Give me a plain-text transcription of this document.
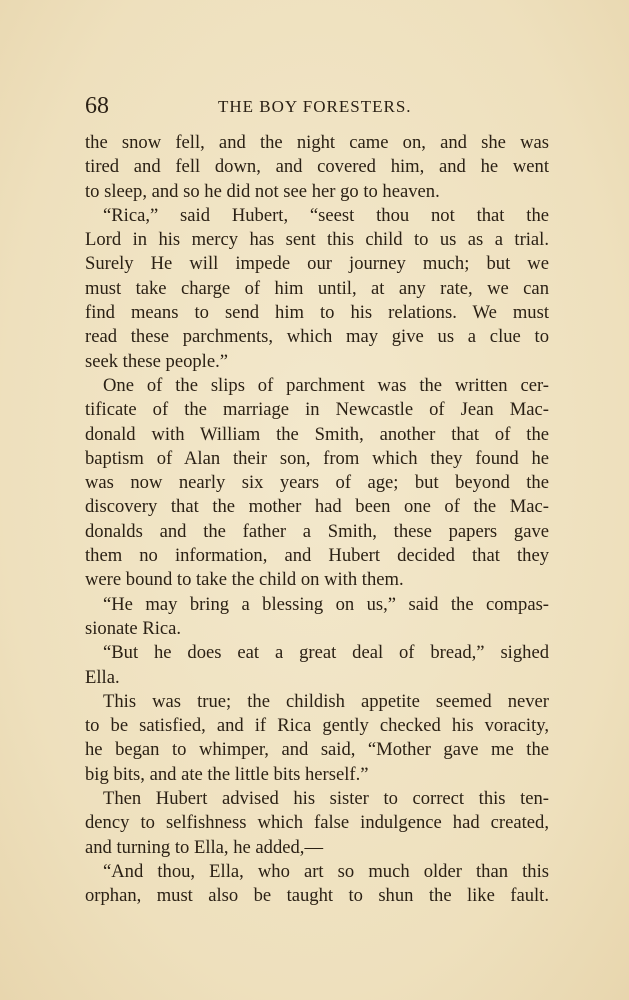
68	THE BOY FORESTERS.
the snow fell, and the night came on, and she was
tired and fell down, and covered him, and he went
to sleep, and so he did not see her go to heaven.
“Rica,” said Hubert, “seest thou not that the
Lord in his mercy has sent this child to us as a trial.
Surely He will impede our journey much; but we
must take charge of him until, at any rate, we can
find means to send him to his relations. We must
read these parchments, which may give us a clue to
seek these people.”
One of the slips of parchment was the written cer-
tificate of the marriage in Newcastle of Jean Mac-
donald with William the Smith, another that of the
baptism of Alan their son, from which they found he
was now nearly six years of age; but beyond the
discovery that the mother had been one of the Mac-
donalds and the father a Smith, these papers gave
them no information, and Hubert decided that they
were bound to take the child on with them.
“He may bring a blessing on us,” said the compas-
sionate Rica.
“But he does eat a great deal of bread,” sighed
Ella.
This was true; the childish appetite seemed never
to be satisfied, and if Rica gently checked his voracity,
he began to whimper, and said, “Mother gave me the
big bits, and ate the little bits herself.”
Then Hubert advised his sister to correct this ten-
dency to selfishness which false indulgence had created,
and turning to Ella, he added,—
“And thou, Ella, who art so much older than this
orphan, must also be taught to shun the like fault.
